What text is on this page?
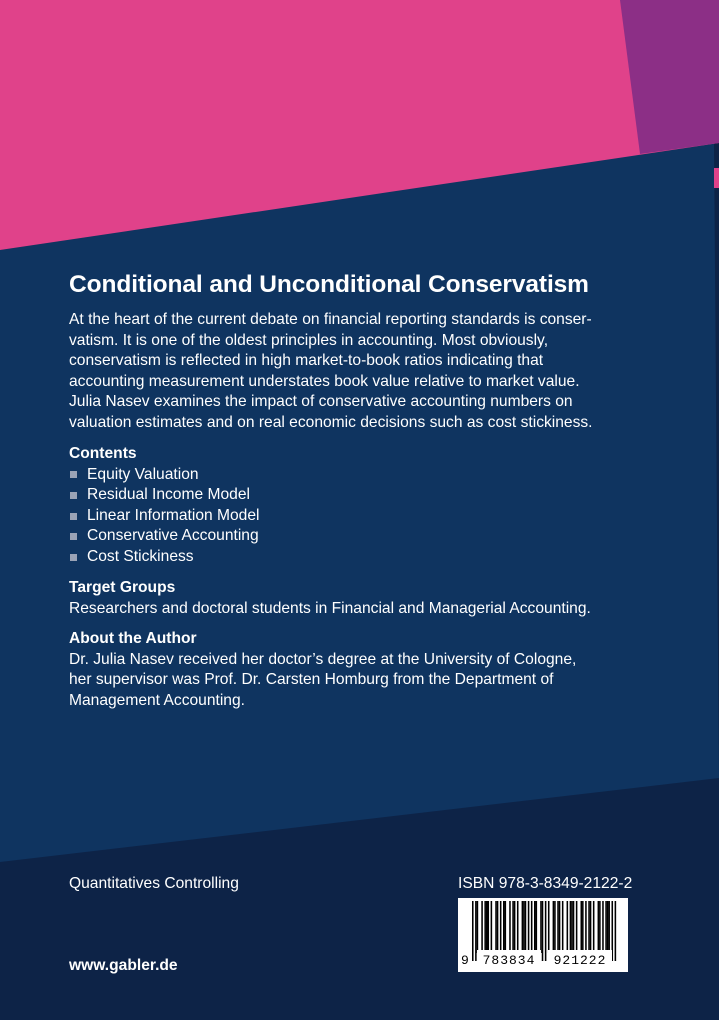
Conditional and Unconditional Conservatism
At the heart of the current debate on financial reporting standards is conser-
vatism. It is one of the oldest principles in accounting. Most obviously,
conservatism is reflected in high market-to-book ratios indicating that
accounting measurement understates book value relative to market value.
Julia Nasev examines the impact of conservative accounting numbers on
valuation estimates and on real economic decisions such as cost stickiness.

Contents

Equity Valuation
Residual Income Model
Linear Information Model
Conservative Accounting
Cost Stickiness

Target Groups

Researchers and doctoral students in Financial and Managerial Accounting.

About the Author

Dr. Julia Nasev received her doctor’s degree at the University of Cologne,
her supervisor was Prof. Dr. Carsten Homburg from the Department of
Management Accounting.

Quantitatives Controlling	ISBN 978-3-8349-2122-2

9	783834	921222

www.gabler.de
